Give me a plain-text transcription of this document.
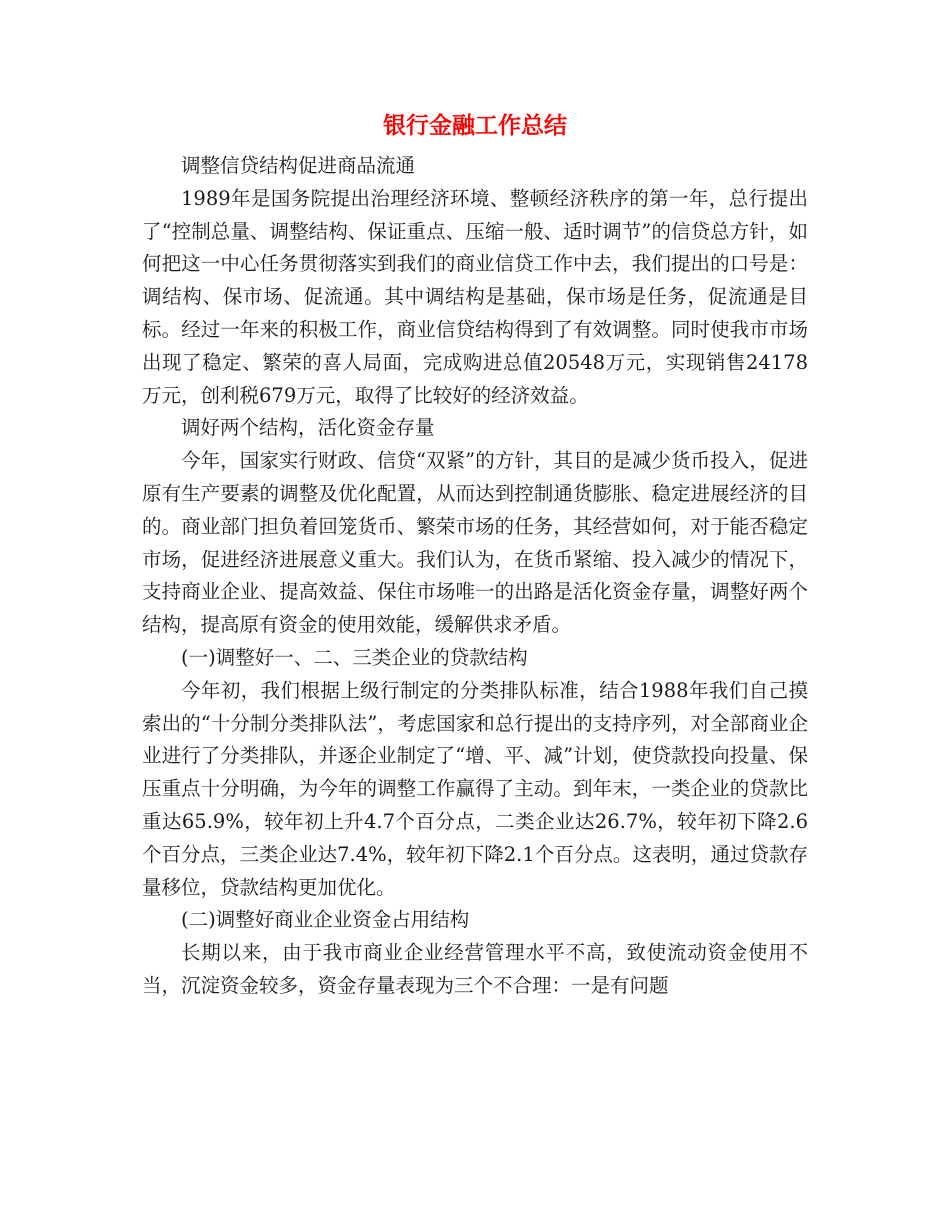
银行金融工作总结

调整信贷结构促进商品流通

1989年是国务院提出治理经济环境、整顿经济秩序的第一年，总行提出了“控制总量、调整结构、保证重点、压缩一般、适时调节”的信贷总方针，如何把这一中心任务贯彻落实到我们的商业信贷工作中去，我们提出的口号是：调结构、保市场、促流通。其中调结构是基础，保市场是任务，促流通是目标。经过一年来的积极工作，商业信贷结构得到了有效调整。同时使我市市场出现了稳定、繁荣的喜人局面，完成购进总值20548万元，实现销售24178万元，创利税679万元，取得了比较好的经济效益。

调好两个结构，活化资金存量

今年，国家实行财政、信贷“双紧”的方针，其目的是减少货币投入，促进原有生产要素的调整及优化配置，从而达到控制通货膨胀、稳定进展经济的目的。商业部门担负着回笼货币、繁荣市场的任务，其经营如何，对于能否稳定市场，促进经济进展意义重大。我们认为，在货币紧缩、投入减少的情况下，支持商业企业、提高效益、保住市场唯一的出路是活化资金存量，调整好两个结构，提高原有资金的使用效能，缓解供求矛盾。

(一)调整好一、二、三类企业的贷款结构

今年初，我们根据上级行制定的分类排队标准，结合1988年我们自己摸索出的“十分制分类排队法”，考虑国家和总行提出的支持序列，对全部商业企业进行了分类排队，并逐企业制定了“增、平、减”计划，使贷款投向投量、保压重点十分明确，为今年的调整工作赢得了主动。到年末，一类企业的贷款比重达65.9%，较年初上升4.7个百分点，二类企业达26.7%，较年初下降2.6个百分点，三类企业达7.4%，较年初下降2.1个百分点。这表明，通过贷款存量移位，贷款结构更加优化。

(二)调整好商业企业资金占用结构

长期以来，由于我市商业企业经营管理水平不高，致使流动资金使用不当，沉淀资金较多，资金存量表现为三个不合理：一是有问题
